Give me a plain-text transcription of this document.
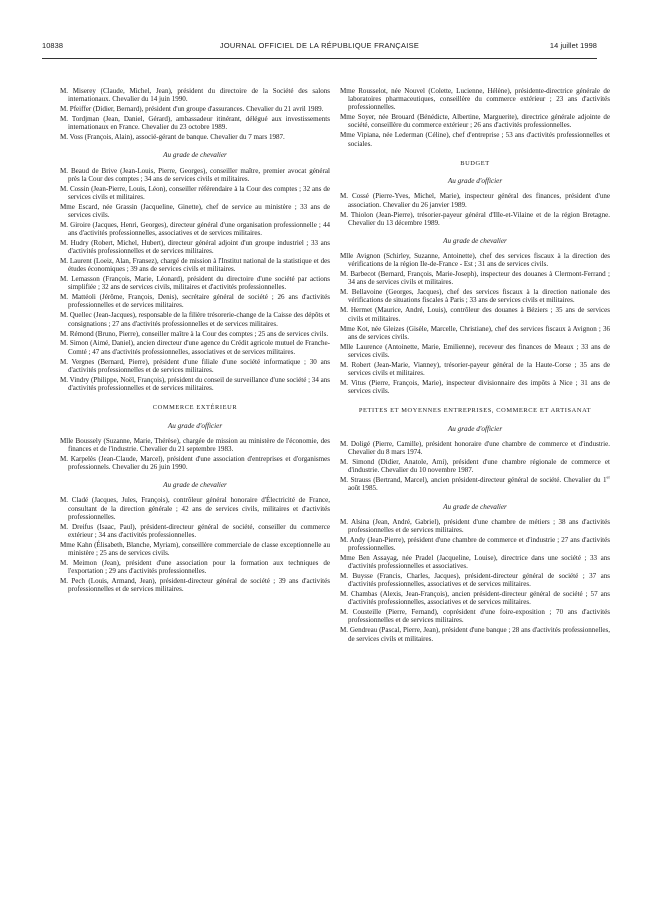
10838	JOURNAL OFFICIEL DE LA RÉPUBLIQUE FRANÇAISE	14 juillet 1998

M. Miserey (Claude, Michel, Jean), président du directoire de la Société des salons internationaux. Chevalier du 14 juin 1990.

M. Pfeiffer (Didier, Bernard), président d'un groupe d'assurances. Chevalier du 21 avril 1989.

M. Tordjman (Jean, Daniel, Gérard), ambassadeur itinérant, délégué aux investissements internationaux en France. Chevalier du 23 octobre 1989.

M. Voss (François, Alain), associé-gérant de banque. Chevalier du 7 mars 1987.

Au grade de chevalier

M. Beaud de Brive (Jean-Louis, Pierre, Georges), conseiller maître, premier avocat général près la Cour des comptes ; 34 ans de services civils et militaires.

M. Cossin (Jean-Pierre, Louis, Léon), conseiller référendaire à la Cour des comptes ; 32 ans de services civils et militaires.

Mme Escard, née Grassin (Jacqueline, Ginette), chef de service au ministère ; 33 ans de services civils.

M. Giroire (Jacques, Henri, Georges), directeur général d'une organisation professionnelle ; 44 ans d'activités professionnelles, associatives et de services militaires.

M. Hudry (Robert, Michel, Hubert), directeur général adjoint d'un groupe industriel ; 33 ans d'activités professionnelles et de services militaires.

M. Laurent (Loeiz, Alan, Fransez), chargé de mission à l'Institut national de la statistique et des études économiques ; 39 ans de services civils et militaires.

M. Lemasson (François, Marie, Léonard), président du directoire d'une société par actions simplifiée ; 32 ans de services civils, militaires et d'activités professionnelles.

M. Mattéoli (Jérôme, François, Denis), secrétaire général de société ; 26 ans d'activités professionnelles et de services militaires.

M. Quellec (Jean-Jacques), responsable de la filière trésorerie-change de la Caisse des dépôts et consignations ; 27 ans d'activités professionnelles et de services militaires.

M. Rémond (Bruno, Pierre), conseiller maître à la Cour des comptes ; 25 ans de services civils.

M. Simon (Aimé, Daniel), ancien directeur d'une agence du Crédit agricole mutuel de Franche-Comté ; 47 ans d'activités professionnelles, associatives et de services militaires.

M. Vergnes (Bernard, Pierre), président d'une filiale d'une société informatique ; 30 ans d'activités professionnelles et de services militaires.

M. Vindry (Philippe, Noël, François), président du conseil de surveillance d'une société ; 34 ans d'activités professionnelles et de services militaires.

COMMERCE EXTÉRIEUR
Au grade d'officier

Mlle Boussely (Suzanne, Marie, Thérèse), chargée de mission au ministère de l'économie, des finances et de l'industrie. Chevalier du 21 septembre 1983.

M. Karpelès (Jean-Claude, Marcel), président d'une association d'entreprises et d'organismes professionnels. Chevalier du 26 juin 1990.

Au grade de chevalier

M. Cladé (Jacques, Jules, François), contrôleur général honoraire d'Électricité de France, consultant de la direction générale ; 42 ans de services civils, militaires et d'activités professionnelles.

M. Dreifus (Isaac, Paul), président-directeur général de société, conseiller du commerce extérieur ; 34 ans d'activités professionnelles.

Mme Kahn (Élisabeth, Blanche, Myriam), conseillère commerciale de classe exceptionnelle au ministère ; 25 ans de services civils.

M. Meimon (Jean), président d'une association pour la formation aux techniques de l'exportation ; 29 ans d'activités professionnelles.

M. Pech (Louis, Armand, Jean), président-directeur général de société ; 39 ans d'activités professionnelles et de services militaires.

Mme Rousselot, née Nouvel (Colette, Lucienne, Hélène), présidente-directrice générale de laboratoires pharmaceutiques, conseillère du commerce extérieur ; 23 ans d'activités professionnelles.

Mme Soyer, née Brouard (Bénédicte, Albertine, Marguerite), directrice générale adjointe de société, conseillère du commerce extérieur ; 26 ans d'activités professionnelles.

Mme Vipiana, née Lederman (Céline), chef d'entreprise ; 53 ans d'activités professionnelles et sociales.

BUDGET
Au grade d'officier

M. Cossé (Pierre-Yves, Michel, Marie), inspecteur général des finances, président d'une association. Chevalier du 26 janvier 1989.

M. Thiolon (Jean-Pierre), trésorier-payeur général d'Ille-et-Vilaine et de la région Bretagne. Chevalier du 13 décembre 1989.

Au grade de chevalier

Mlle Avignon (Schirley, Suzanne, Antoinette), chef des services fiscaux à la direction des vérifications de la région Ile-de-France - Est ; 31 ans de services civils.

M. Barbecot (Bernard, François, Marie-Joseph), inspecteur des douanes à Clermont-Ferrand ; 34 ans de services civils et militaires.

M. Bellavoine (Georges, Jacques), chef des services fiscaux à la direction nationale des vérifications de situations fiscales à Paris ; 33 ans de services civils et militaires.

M. Hermet (Maurice, André, Louis), contrôleur des douanes à Béziers ; 35 ans de services civils et militaires.

Mme Kot, née Gleizes (Gisèle, Marcelle, Christiane), chef des services fiscaux à Avignon ; 36 ans de services civils.

Mlle Laurence (Antoinette, Marie, Emilienne), receveur des finances de Meaux ; 33 ans de services civils.

M. Robert (Jean-Marie, Vianney), trésorier-payeur général de la Haute-Corse ; 35 ans de services civils et militaires.

M. Vitus (Pierre, François, Marie), inspecteur divisionnaire des impôts à Nice ; 31 ans de services civils.

PETITES ET MOYENNES ENTREPRISES, COMMERCE ET ARTISANAT
Au grade d'officier

M. Doligé (Pierre, Camille), président honoraire d'une chambre de commerce et d'industrie. Chevalier du 8 mars 1974.

M. Simond (Didier, Anatole, Ami), président d'une chambre régionale de commerce et d'industrie. Chevalier du 10 novembre 1987.

M. Strauss (Bertrand, Marcel), ancien président-directeur général de société. Chevalier du 1er août 1985.

Au grade de chevalier

M. Alsina (Jean, André, Gabriel), président d'une chambre de métiers ; 38 ans d'activités professionnelles et de services militaires.

M. Andy (Jean-Pierre), président d'une chambre de commerce et d'industrie ; 27 ans d'activités professionnelles.

Mme Ben Assayag, née Pradel (Jacqueline, Louise), directrice dans une société ; 33 ans d'activités professionnelles et associatives.

M. Buysse (Francis, Charles, Jacques), président-directeur général de société ; 37 ans d'activités professionnelles, associatives et de services militaires.

M. Chambas (Alexis, Jean-François), ancien président-directeur général de société ; 57 ans d'activités professionnelles, associatives et de services militaires.

M. Cousteille (Pierre, Fernand), coprésident d'une foire-exposition ; 70 ans d'activités professionnelles et de services militaires.

M. Gendreau (Pascal, Pierre, Jean), président d'une banque ; 28 ans d'activités professionnelles, de services civils et militaires.
